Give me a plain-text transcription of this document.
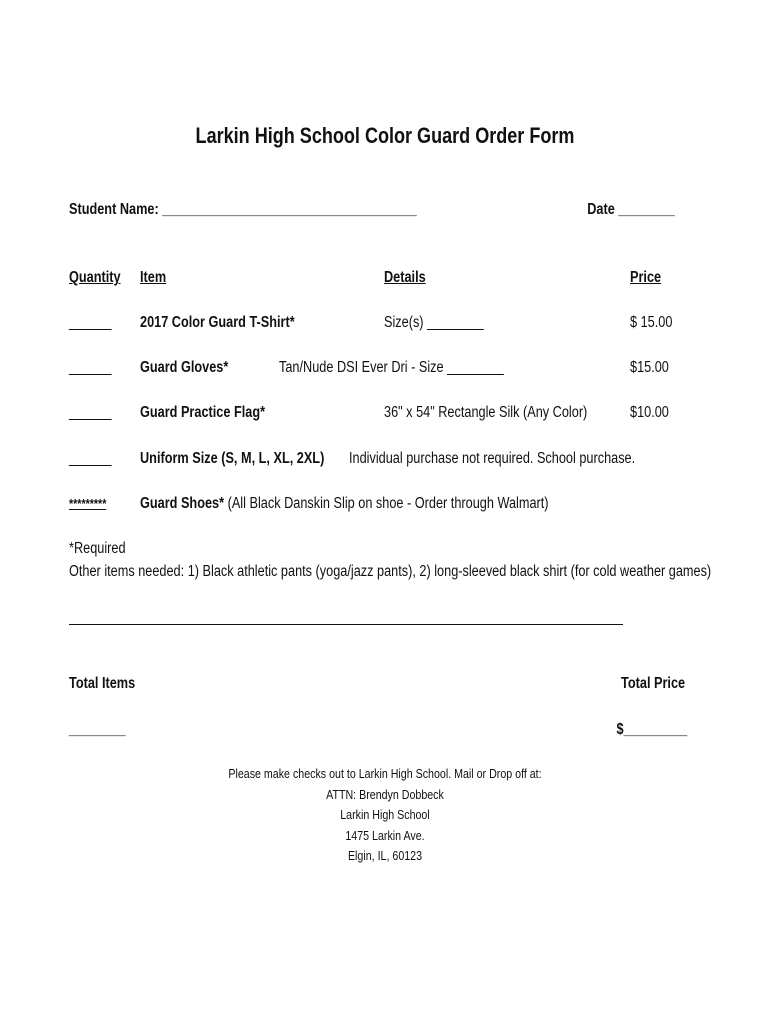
Larkin High School Color Guard Order Form
Student Name: ____________________________________	Date ________
Quantity Item	Details	Price
______ 2017 Color Guard T-Shirt*	Size(s) ________	$ 15.00
______ Guard Gloves*	Tan/Nude DSI Ever Dri - Size ________	$15.00
______ Guard Practice Flag*	36" x 54" Rectangle Silk (Any Color)	$10.00
______ Uniform Size (S, M, L, XL, 2XL) Individual purchase not required. School purchase.
********* Guard Shoes* (All Black Danskin Slip on shoe - Order through Walmart)
*Required
Other items needed: 1) Black athletic pants (yoga/jazz pants), 2) long-sleeved black shirt (for cold weather games)
Total Items	Total Price
________	$_________
Please make checks out to Larkin High School. Mail or Drop off at:
ATTN: Brendyn Dobbeck
Larkin High School
1475 Larkin Ave.
Elgin, IL, 60123
